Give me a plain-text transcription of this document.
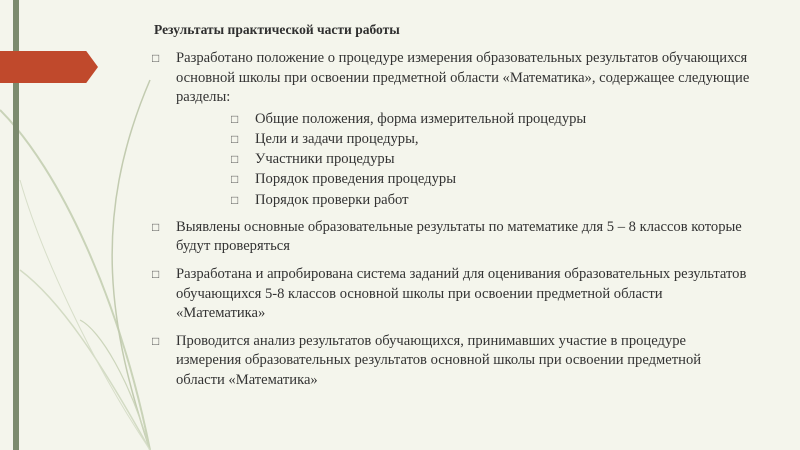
Результаты практической части работы
□ Разработано положение о процедуре измерения образовательных результатов обучающихся основной школы при освоении предметной области «Математика», содержащее следующие разделы:
□ Общие положения, форма измерительной процедуры
□ Цели и задачи процедуры,
□ Участники процедуры
□ Порядок проведения процедуры
□ Порядок проверки работ
□ Выявлены основные образовательные результаты по математике для 5 – 8 классов которые будут проверяться
□ Разработана и апробирована система заданий для оценивания образовательных результатов обучающихся 5-8 классов основной школы при освоении предметной области «Математика»
□ Проводится анализ результатов обучающихся, принимавших участие в процедуре измерения образовательных результатов основной школы при освоении предметной области «Математика»
